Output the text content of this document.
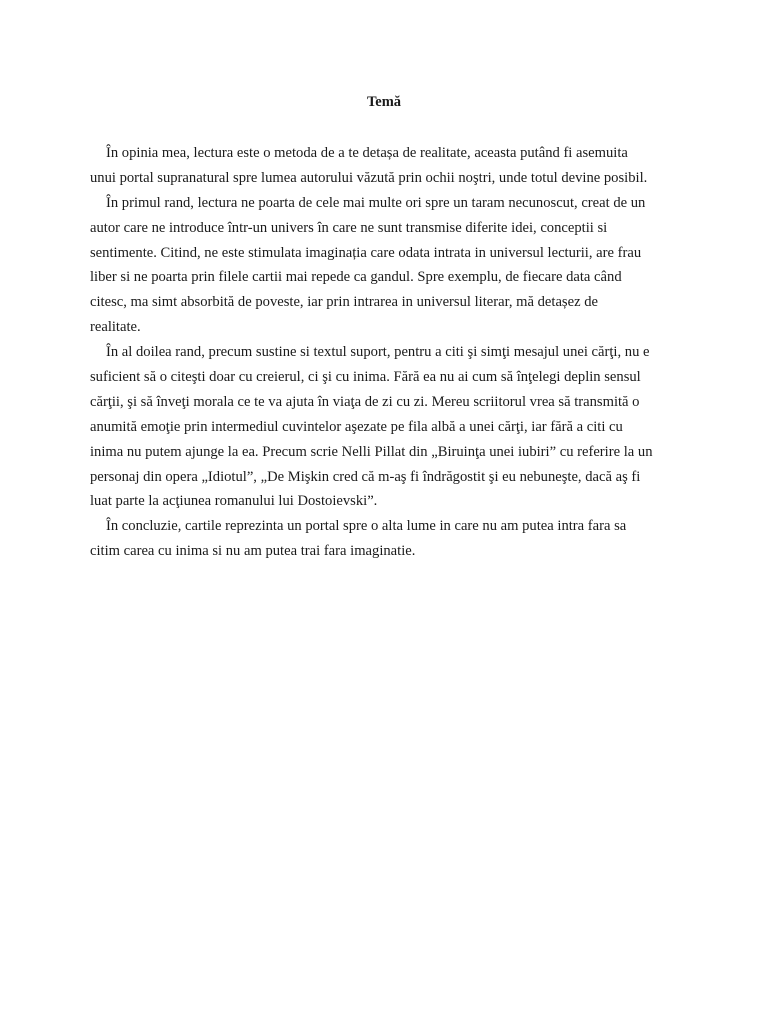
Temă
În opinia mea, lectura este o metoda de a te detașa de realitate, aceasta putând fi asemuita
unui portal supranatural spre lumea autorului văzută prin ochii noştri, unde totul devine posibil.
În primul rand, lectura ne poarta de cele mai multe ori spre un taram necunoscut, creat de un
autor care ne introduce într-un univers în care ne sunt transmise diferite idei, conceptii si
sentimente. Citind, ne este stimulata imaginația care odata intrata in universul lecturii, are frau
liber si ne poarta prin filele cartii mai repede ca gandul. Spre exemplu, de fiecare data când
citesc, ma simt absorbită de poveste, iar prin intrarea in universul literar, mă detașez de
realitate.
În al doilea rand, precum sustine si textul suport, pentru a citi şi simţi mesajul unei cărţi, nu e
suficient să o citeşti doar cu creierul, ci şi cu inima. Fără ea nu ai cum să înţelegi deplin sensul
cărţii, şi să înveţi morala ce te va ajuta în viaţa de zi cu zi. Mereu scriitorul vrea să transmită o
anumită emoţie prin intermediul cuvintelor aşezate pe fila albă a unei cărţi, iar fără a citi cu
inima nu putem ajunge la ea. Precum scrie Nelli Pillat din „Biruinţa unei iubiri” cu referire la un
personaj din opera „Idiotul”, „De Mişkin cred că m-aş fi îndrăgostit şi eu nebuneşte, dacă aş fi
luat parte la acţiunea romanului lui Dostoievski”.
În concluzie, cartile reprezinta un portal spre o alta lume in care nu am putea intra fara sa
citim carea cu inima si nu am putea trai fara imaginatie.
